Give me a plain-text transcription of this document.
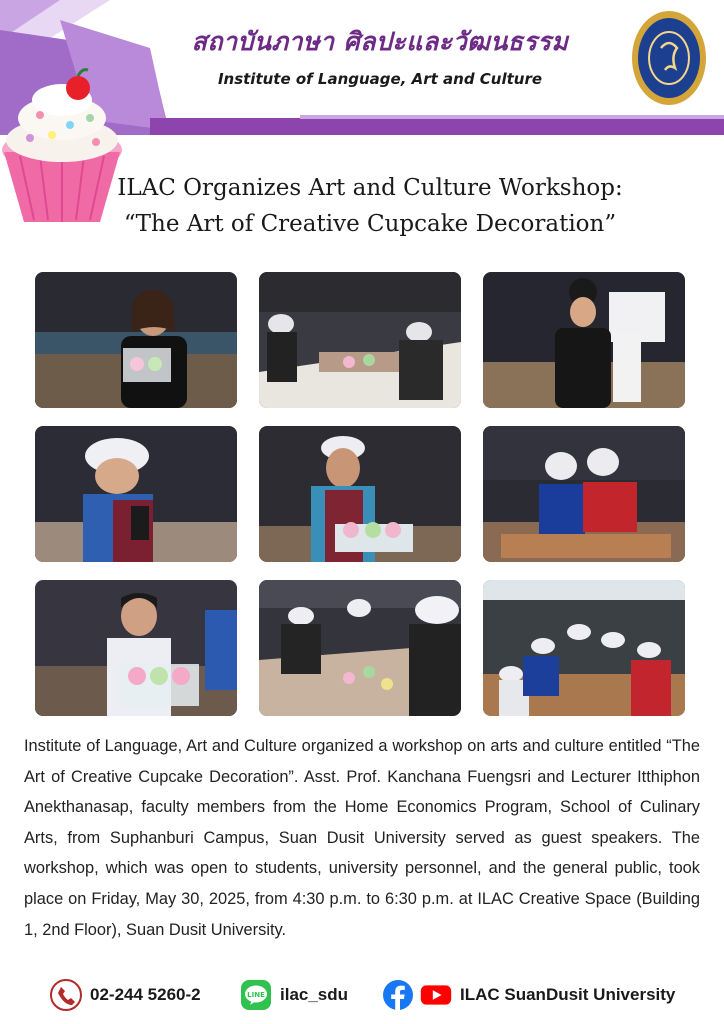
สถาบันภาษา ศิลปะและวัฒนธรรม
Institute of Language, Art and Culture
ILAC Organizes Art and Culture Workshop:
“The Art of Creative Cupcake Decoration”
Institute of Language, Art and Culture organized a workshop on arts and culture entitled “The Art of Creative Cupcake Decoration”. Asst. Prof. Kanchana Fuengsri and Lecturer Itthiphon Anekthanasap, faculty members from the Home Economics Program, School of Culinary Arts, from Suphanburi Campus, Suan Dusit University served as guest speakers. The workshop, which was open to students, university personnel, and the general public, took place on Friday, May 30, 2025, from 4:30 p.m. to 6:30 p.m. at ILAC Creative Space (Building 1, 2nd Floor), Suan Dusit University.
02-244 5260-2	LINE ilac_sdu	ILAC SuanDusit University
